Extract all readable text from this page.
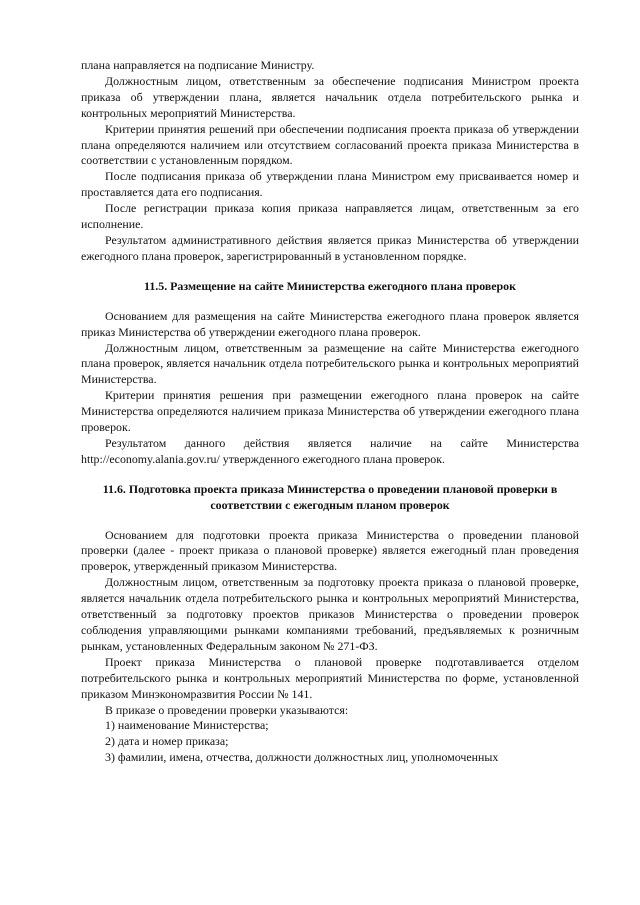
плана направляется на подписание Министру.

Должностным лицом, ответственным за обеспечение подписания Министром проекта приказа об утверждении плана, является начальник отдела потребительского рынка и контрольных мероприятий Министерства.

Критерии принятия решений при обеспечении подписания проекта приказа об утверждении плана определяются наличием или отсутствием согласований проекта приказа Министерства в соответствии с установленным порядком.

После подписания приказа об утверждении плана Министром ему присваивается номер и проставляется дата его подписания.

После регистрации приказа копия приказа направляется лицам, ответственным за его исполнение.

Результатом административного действия является приказ Министерства об утверждении ежегодного плана проверок, зарегистрированный в установленном порядке.

11.5. Размещение на сайте Министерства ежегодного плана проверок

Основанием для размещения на сайте Министерства ежегодного плана проверок является приказ Министерства об утверждении ежегодного плана проверок.

Должностным лицом, ответственным за размещение на сайте Министерства ежегодного плана проверок, является начальник отдела потребительского рынка и контрольных мероприятий Министерства.

Критерии принятия решения при размещении ежегодного плана проверок на сайте Министерства определяются наличием приказа Министерства об утверждении ежегодного плана проверок.

Результатом данного действия является наличие на сайте Министерства http://economy.alania.gov.ru/ утвержденного ежегодного плана проверок.

11.6. Подготовка проекта приказа Министерства о проведении плановой проверки в соответствии с ежегодным планом проверок

Основанием для подготовки проекта приказа Министерства о проведении плановой проверки (далее - проект приказа о плановой проверке) является ежегодный план проведения проверок, утвержденный приказом Министерства.

Должностным лицом, ответственным за подготовку проекта приказа о плановой проверке, является начальник отдела потребительского рынка и контрольных мероприятий Министерства, ответственный за подготовку проектов приказов Министерства о проведении проверок соблюдения управляющими рынками компаниями требований, предъявляемых к розничным рынкам, установленных Федеральным законом № 271-ФЗ.

Проект приказа Министерства о плановой проверке подготавливается отделом потребительского рынка и контрольных мероприятий Министерства по форме, установленной приказом Минэкономразвития России № 141.

В приказе о проведении проверки указываются:

1) наименование Министерства;

2) дата и номер приказа;

3) фамилии, имена, отчества, должности должностных лиц, уполномоченных
